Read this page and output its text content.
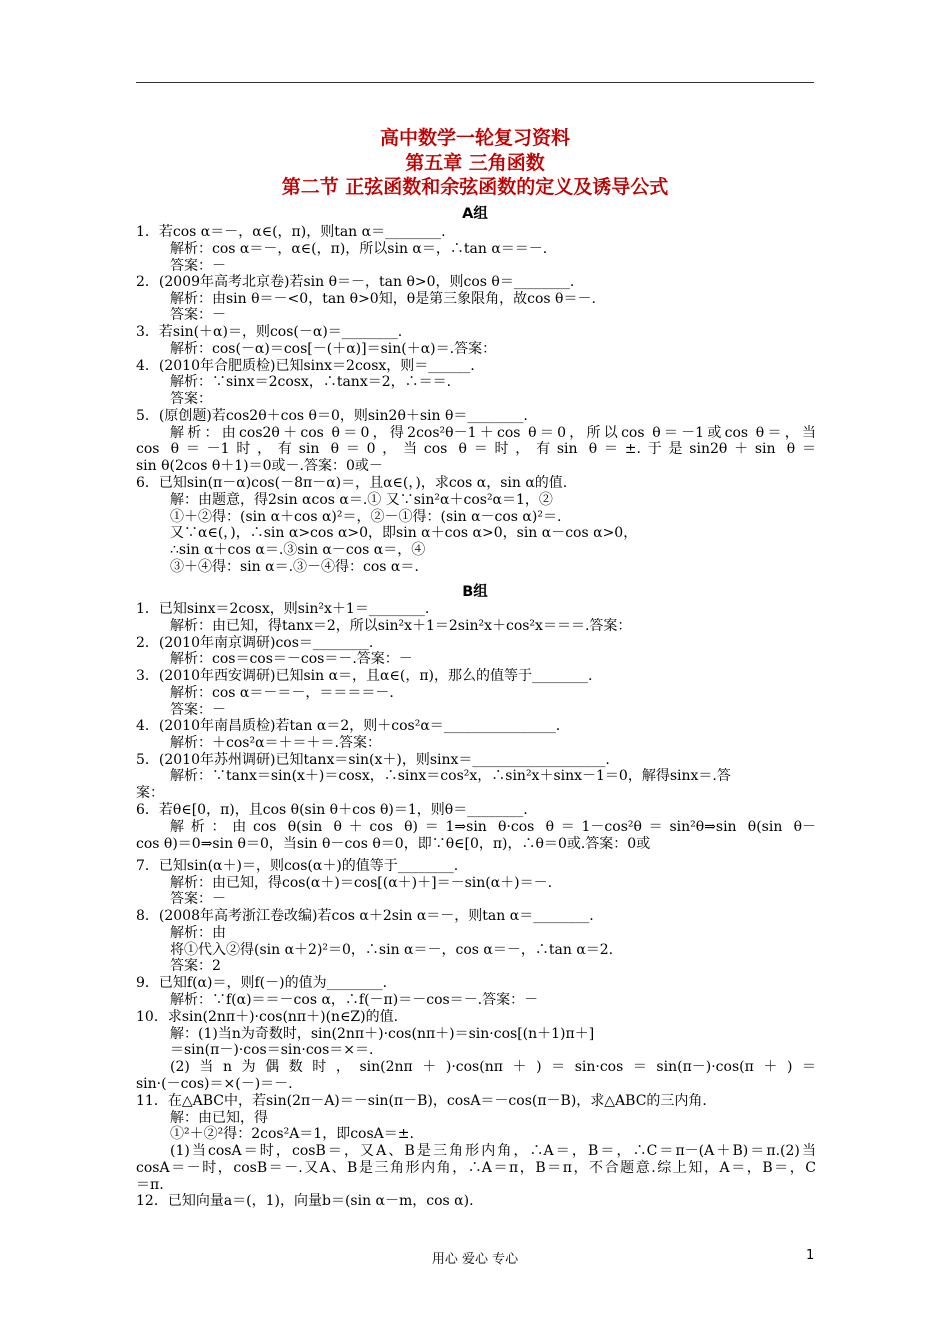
高中数学一轮复习资料
第五章 三角函数
第二节 正弦函数和余弦函数的定义及诱导公式
A组
1．若cos α＝－，α∈(，π)，则tan α＝________.
解析：cos α＝－，α∈(，π)，所以sin α＝，∴tan α＝＝－.
答案：－
2．(2009年高考北京卷)若sin θ＝－，tan θ>0，则cos θ＝________.
解析：由sin θ＝－<0，tan θ>0知，θ是第三象限角，故cos θ＝－.
答案：－
3．若sin(＋α)＝，则cos(－α)＝________.
解析：cos(－α)＝cos[－(＋α)]＝sin(＋α)＝.答案：
4．(2010年合肥质检)已知sinx＝2cosx，则＝______.
解析：∵sinx＝2cosx，∴tanx＝2，∴＝＝.
答案：
5．(原创题)若cos2θ＋cos θ＝0，则sin2θ＋sin θ＝________.
解析：由cos2θ＋cos θ＝0，得2cos²θ－1＋cos θ＝0，所以cos θ＝－1或cos θ＝，当
cos θ＝－1时，有sin θ＝0，当cos θ＝时，有sin θ＝±.于是sin2θ＋sin θ＝
sin θ(2cos θ＋1)＝0或－.答案：0或－
6．已知sin(π－α)cos(－8π－α)＝，且α∈(，)，求cos α，sin α的值.
解：由题意，得2sin αcos α＝.① 又∵sin²α＋cos²α＝1，②
①＋②得：(sin α＋cos α)²＝，②－①得：(sin α－cos α)²＝.
又∵α∈(，)，∴sin α>cos α>0，即sin α＋cos α>0，sin α－cos α>0，
∴sin α＋cos α＝.③sin α－cos α＝，④
③＋④得：sin α＝.③－④得：cos α＝.
B组
1．已知sinx＝2cosx，则sin²x＋1＝________.
解析：由已知，得tanx＝2，所以sin²x＋1＝2sin²x＋cos²x＝＝＝.答案：
2．(2010年南京调研)cos＝________.
解析：cos＝cos＝－cos＝－.答案：－
3．(2010年西安调研)已知sin α＝，且α∈(，π)，那么的值等于________.
解析：cos α＝－＝－，＝＝＝＝－.
答案：－
4．(2010年南昌质检)若tan α＝2，则＋cos²α＝________________.
解析：＋cos²α＝＋＝＋＝.答案：
5．(2010年苏州调研)已知tanx＝sin(x＋)，则sinx＝___________________.
解析：∵tanx＝sin(x＋)＝cosx，∴sinx＝cos²x，∴sin²x＋sinx－1＝0，解得sinx＝.答
案：
6．若θ∈[0，π)，且cos θ(sin θ＋cos θ)＝1，则θ＝________.
解析：由cos θ(sin θ＋cos θ)＝1⇒sin θ·cos θ＝1－cos²θ＝sin²θ⇒sin θ(sin θ－
cos θ)＝0⇒sin θ＝0，当sin θ－cos θ＝0，即∵θ∈[0，π)，∴θ＝0或.答案：0或
7．已知sin(α＋)＝，则cos(α＋)的值等于________.
解析：由已知，得cos(α＋)＝cos[(α＋)＋]＝－sin(α＋)＝－.
答案：－
8．(2008年高考浙江卷改编)若cos α＋2sin α＝－，则tan α＝________.
解析：由
将①代入②得(sin α＋2)²＝0，∴sin α＝－，cos α＝－，∴tan α＝2.
答案：2
9．已知f(α)＝，则f(－)的值为________.
解析：∵f(α)＝＝－cos α，∴f(－π)＝－cos＝－.答案：－
10．求sin(2nπ＋)·cos(nπ＋)(n∈Z)的值.
解：(1)当n为奇数时，sin(2nπ＋)·cos(nπ＋)＝sin·cos[(n＋1)π＋]
＝sin(π－)·cos＝sin·cos＝×＝.
(2)当n为偶数时，sin(2nπ＋)·cos(nπ＋)＝sin·cos＝sin(π－)·cos(π＋)＝
sin·(－cos)＝×(－)＝－.
11．在△ABC中，若sin(2π－A)＝－sin(π－B)，cosA＝－cos(π－B)，求△ABC的三内角.
解：由已知，得
①²＋②²得：2cos²A＝1，即cosA＝±.
(1)当cosA＝时，cosB＝，又A、B是三角形内角，∴A＝，B＝，∴C＝π－(A＋B)＝π.(2)当
cosA＝－时，cosB＝－.又A、B是三角形内角，∴A＝π，B＝π，不合题意.综上知，A＝，B＝，C
＝π.
12．已知向量a＝(，1)，向量b＝(sin α－m，cos α).
用心 爱心 专心	1
